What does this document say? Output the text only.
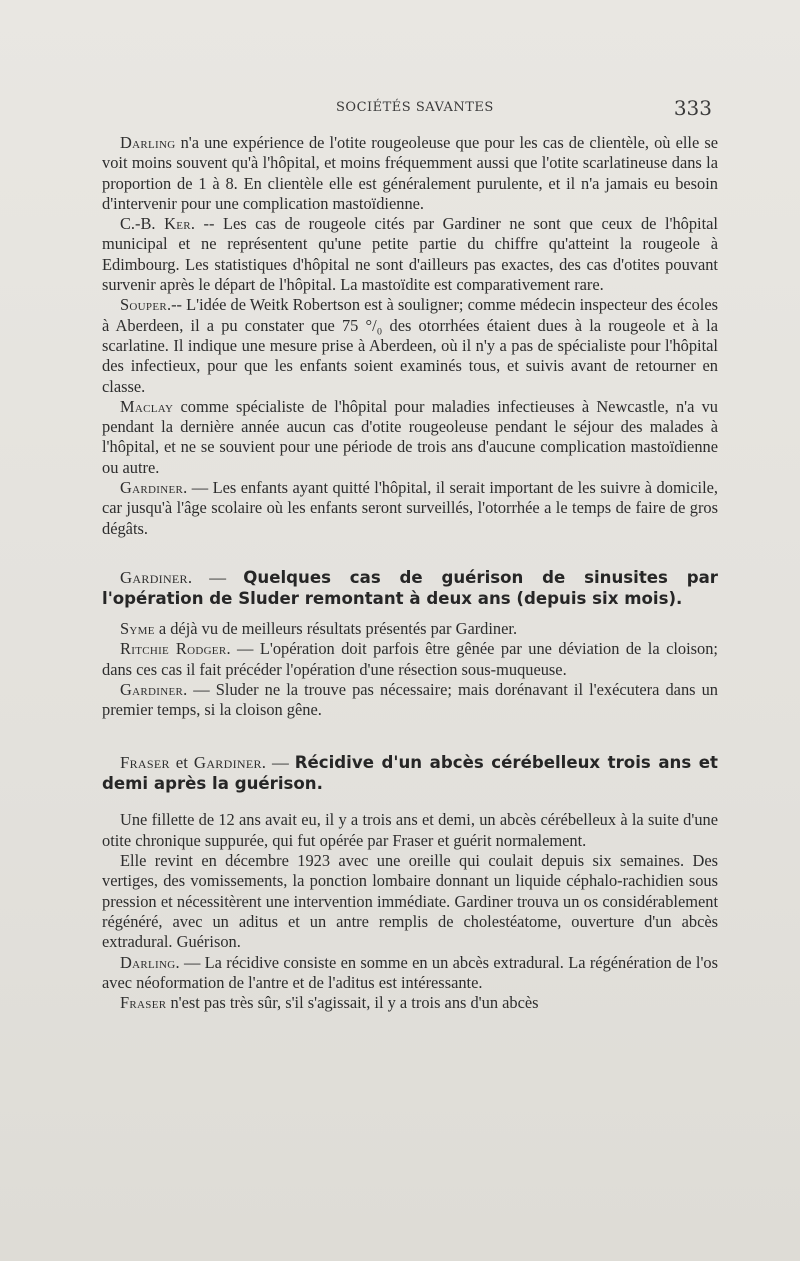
SOCIÉTÉS SAVANTES	333

Darling n'a une expérience de l'otite rougeoleuse que pour les cas de clientèle, où elle se voit moins souvent qu'à l'hôpital, et moins fréquemment aussi que l'otite scarlatineuse dans la proportion de 1 à 8. En clientèle elle est généralement purulente, et il n'a jamais eu besoin d'intervenir pour une complication mastoïdienne.

C.-B. Ker. -- Les cas de rougeole cités par Gardiner ne sont que ceux de l'hôpital municipal et ne représentent qu'une petite partie du chiffre qu'atteint la rougeole à Edimbourg. Les statistiques d'hôpital ne sont d'ailleurs pas exactes, des cas d'otites pouvant survenir après le départ de l'hôpital. La mastoïdite est comparativement rare.

Souper.-- L'idée de Weitk Robertson est à souligner; comme médecin inspecteur des écoles à Aberdeen, il a pu constater que 75 °/₀ des otorrhées étaient dues à la rougeole et à la scarlatine. Il indique une mesure prise à Aberdeen, où il n'y a pas de spécialiste pour l'hôpital des infectieux, pour que les enfants soient examinés tous, et suivis avant de retourner en classe.

Maclay comme spécialiste de l'hôpital pour maladies infectieuses à Newcastle, n'a vu pendant la dernière année aucun cas d'otite rougeoleuse pendant le séjour des malades à l'hôpital, et ne se souvient pour une période de trois ans d'aucune complication mastoïdienne ou autre.

Gardiner. — Les enfants ayant quitté l'hôpital, il serait important de les suivre à domicile, car jusqu'à l'âge scolaire où les enfants seront surveillés, l'otorrhée a le temps de faire de gros dégâts.

Gardiner. — Quelques cas de guérison de sinusites par l'opération de Sluder remontant à deux ans (depuis six mois).

Syme a déjà vu de meilleurs résultats présentés par Gardiner.

Ritchie Rodger. — L'opération doit parfois être gênée par une déviation de la cloison; dans ces cas il fait précéder l'opération d'une résection sous-muqueuse.

Gardiner. — Sluder ne la trouve pas nécessaire; mais dorénavant il l'exécutera dans un premier temps, si la cloison gêne.

Fraser et Gardiner. — Récidive d'un abcès cérébelleux trois ans et demi après la guérison.

Une fillette de 12 ans avait eu, il y a trois ans et demi, un abcès cérébelleux à la suite d'une otite chronique suppurée, qui fut opérée par Fraser et guérit normalement.

Elle revint en décembre 1923 avec une oreille qui coulait depuis six semaines. Des vertiges, des vomissements, la ponction lombaire donnant un liquide céphalo-rachidien sous pression et nécessitèrent une intervention immédiate. Gardiner trouva un os considérablement régénéré, avec un aditus et un antre remplis de cholestéatome, ouverture d'un abcès extradural. Guérison.

Darling. — La récidive consiste en somme en un abcès extradural. La régénération de l'os avec néoformation de l'antre et de l'aditus est intéressante.

Fraser n'est pas très sûr, s'il s'agissait, il y a trois ans d'un abcès
